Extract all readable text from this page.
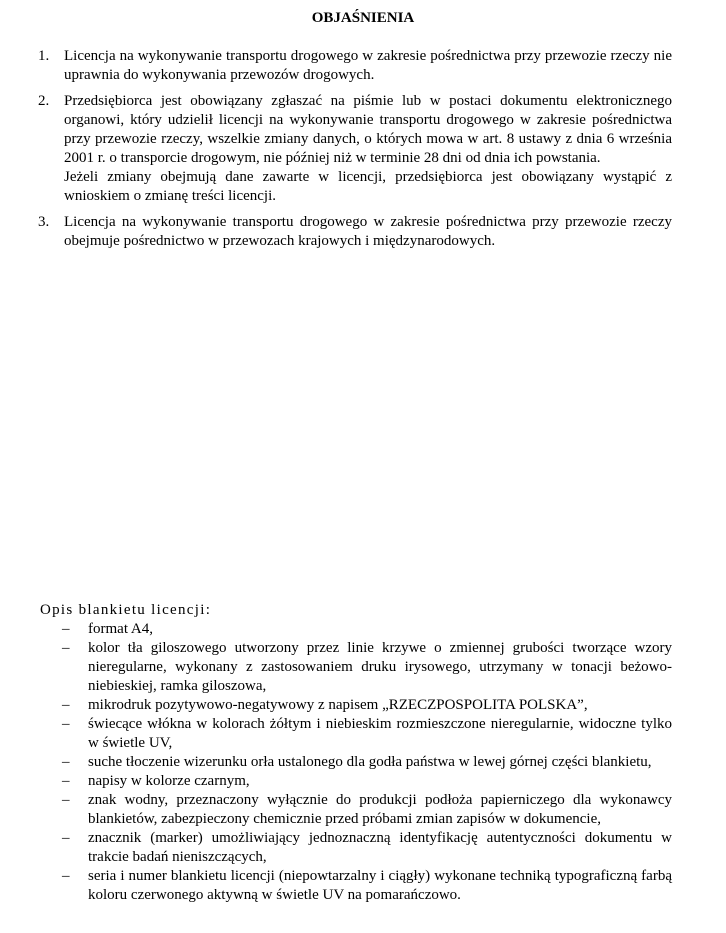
OBJAŚNIENIA
1. Licencja na wykonywanie transportu drogowego w zakresie pośrednictwa przy przewozie rzeczy nie uprawnia do wykonywania przewozów drogowych.
2. Przedsiębiorca jest obowiązany zgłaszać na piśmie lub w postaci dokumentu elektronicznego organowi, który udzielił licencji na wykonywanie transportu drogowego w zakresie pośrednictwa przy przewozie rzeczy, wszelkie zmiany danych, o których mowa w art. 8 ustawy z dnia 6 września 2001 r. o transporcie drogowym, nie później niż w terminie 28 dni od dnia ich powstania.
Jeżeli zmiany obejmują dane zawarte w licencji, przedsiębiorca jest obowiązany wystąpić z wnioskiem o zmianę treści licencji.
3. Licencja na wykonywanie transportu drogowego w zakresie pośrednictwa przy przewozie rzeczy obejmuje pośrednictwo w przewozach krajowych i międzynarodowych.
Opis blankietu licencji:
– format A4,
– kolor tła giloszowego utworzony przez linie krzywe o zmiennej grubości tworzące wzory nieregularne, wykonany z zastosowaniem druku irysowego, utrzymany w tonacji beżowo-niebieskiej, ramka giloszowa,
– mikrodruk pozytywowo-negatywowy z napisem „RZECZPOSPOLITA POLSKA”,
– świecące włókna w kolorach żółtym i niebieskim rozmieszczone nieregularnie, widoczne tylko w świetle UV,
– suche tłoczenie wizerunku orła ustalonego dla godła państwa w lewej górnej części blankietu,
– napisy w kolorze czarnym,
– znak wodny, przeznaczony wyłącznie do produkcji podłoża papierniczego dla wykonawcy blankietów, zabezpieczony chemicznie przed próbami zmian zapisów w dokumencie,
– znacznik (marker) umożliwiający jednoznaczną identyfikację autentyczności dokumentu w trakcie badań nieniszczących,
– seria i numer blankietu licencji (niepowtarzalny i ciągły) wykonane techniką typograficzną farbą koloru czerwonego aktywną w świetle UV na pomarańczowo.
